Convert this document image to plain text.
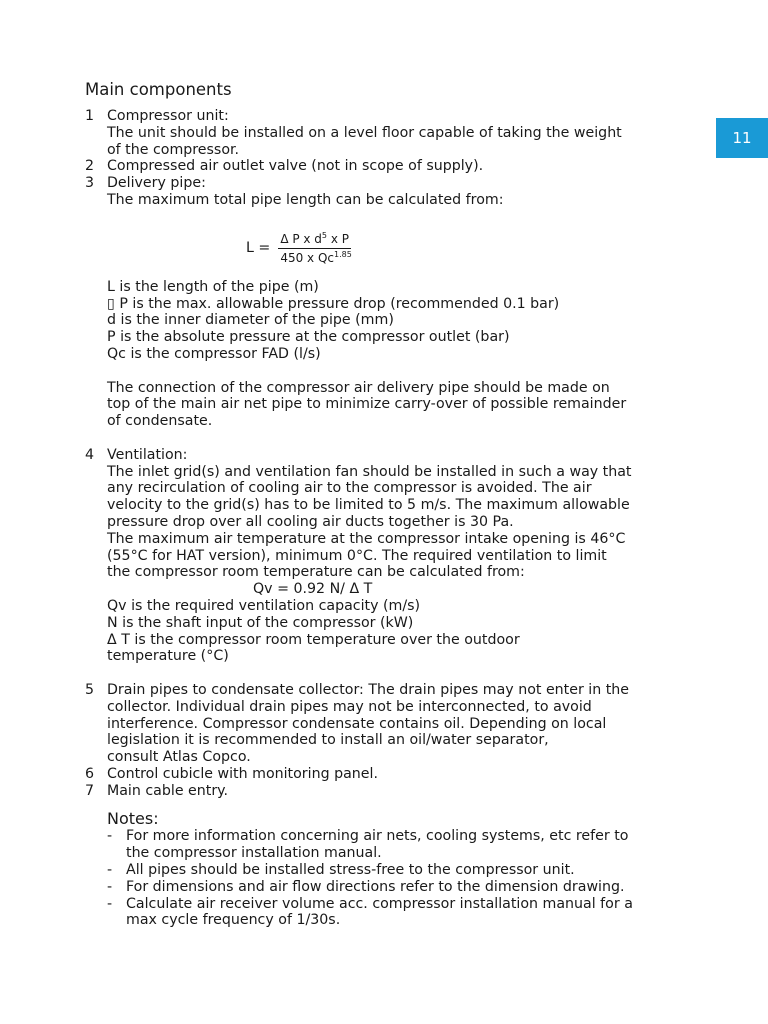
11
Main components
1 Compressor unit:
The unit should be installed on a level floor capable of taking the weight
of the compressor.
2 Compressed air outlet valve (not in scope of supply).
3 Delivery pipe:
The maximum total pipe length can be calculated from:
$L = \frac{\Delta P x d^5 x P}{450 x Qc^{1.85}}$
L is the length of the pipe (m)
▯ P is the max. allowable pressure drop (recommended 0.1 bar)
d is the inner diameter of the pipe (mm)
P is the absolute pressure at the compressor outlet (bar)
Qc is the compressor FAD (l/s)
The connection of the compressor air delivery pipe should be made on
top of the main air net pipe to minimize carry-over of possible remainder
of condensate.
4 Ventilation:
The inlet grid(s) and ventilation fan should be installed in such a way that
any recirculation of cooling air to the compressor is avoided. The air
velocity to the grid(s) has to be limited to 5 m/s. The maximum allowable
pressure drop over all cooling air ducts together is 30 Pa.
The maximum air temperature at the compressor intake opening is 46°C
(55°C for HAT version), minimum 0°C. The required ventilation to limit
the compressor room temperature can be calculated from:
Qv = 0.92 N/ Δ T
Qv is the required ventilation capacity (m/s)
N is the shaft input of the compressor (kW)
Δ T is the compressor room temperature over the outdoor
temperature (°C)
5 Drain pipes to condensate collector: The drain pipes may not enter in the
collector. Individual drain pipes may not be interconnected, to avoid
interference. Compressor condensate contains oil. Depending on local
legislation it is recommended to install an oil/water separator,
consult Atlas Copco.
6 Control cubicle with monitoring panel.
7 Main cable entry.
Notes:
- For more information concerning air nets, cooling systems, etc refer to
the compressor installation manual.
- All pipes should be installed stress-free to the compressor unit.
- For dimensions and air flow directions refer to the dimension drawing.
- Calculate air receiver volume acc. compressor installation manual for a
max cycle frequency of 1/30s.
